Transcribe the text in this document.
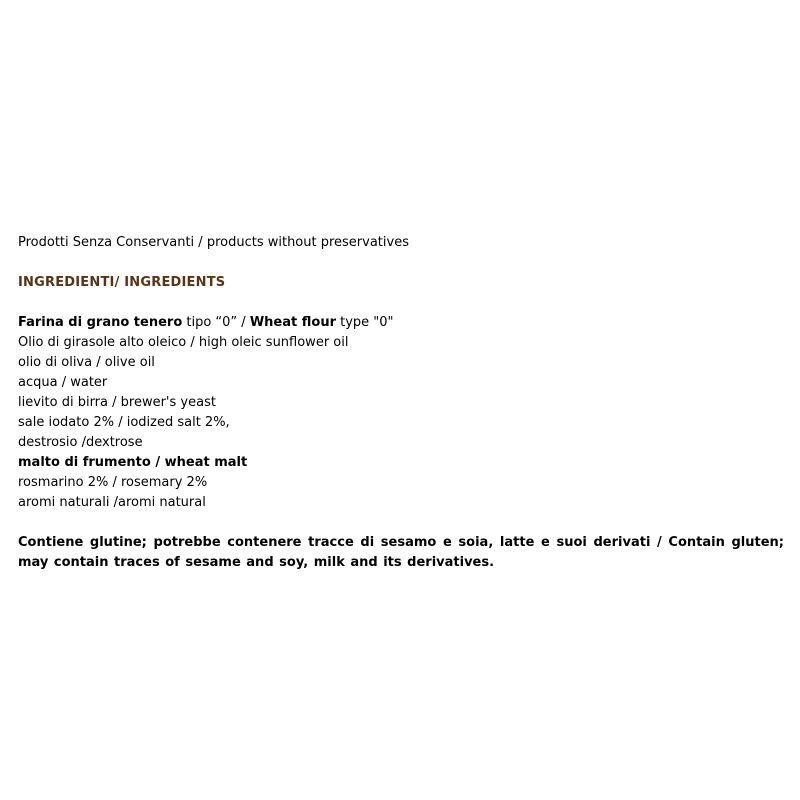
Prodotti Senza Conservanti / products without preservatives
INGREDIENTI/ INGREDIENTS
Farina di grano tenero tipo “0” / Wheat flour type "0"
Olio di girasole alto oleico / high oleic sunflower oil
olio di oliva / olive oil
acqua / water
lievito di birra / brewer's yeast
sale iodato 2% / iodized salt 2%,
destrosio /dextrose
malto di frumento / wheat malt
rosmarino 2% / rosemary 2%
aromi naturali /aromi natural
Contiene glutine; potrebbe contenere tracce di sesamo e soia, latte e suoi derivati / Contain gluten; may contain traces of sesame and soy, milk and its derivatives.
